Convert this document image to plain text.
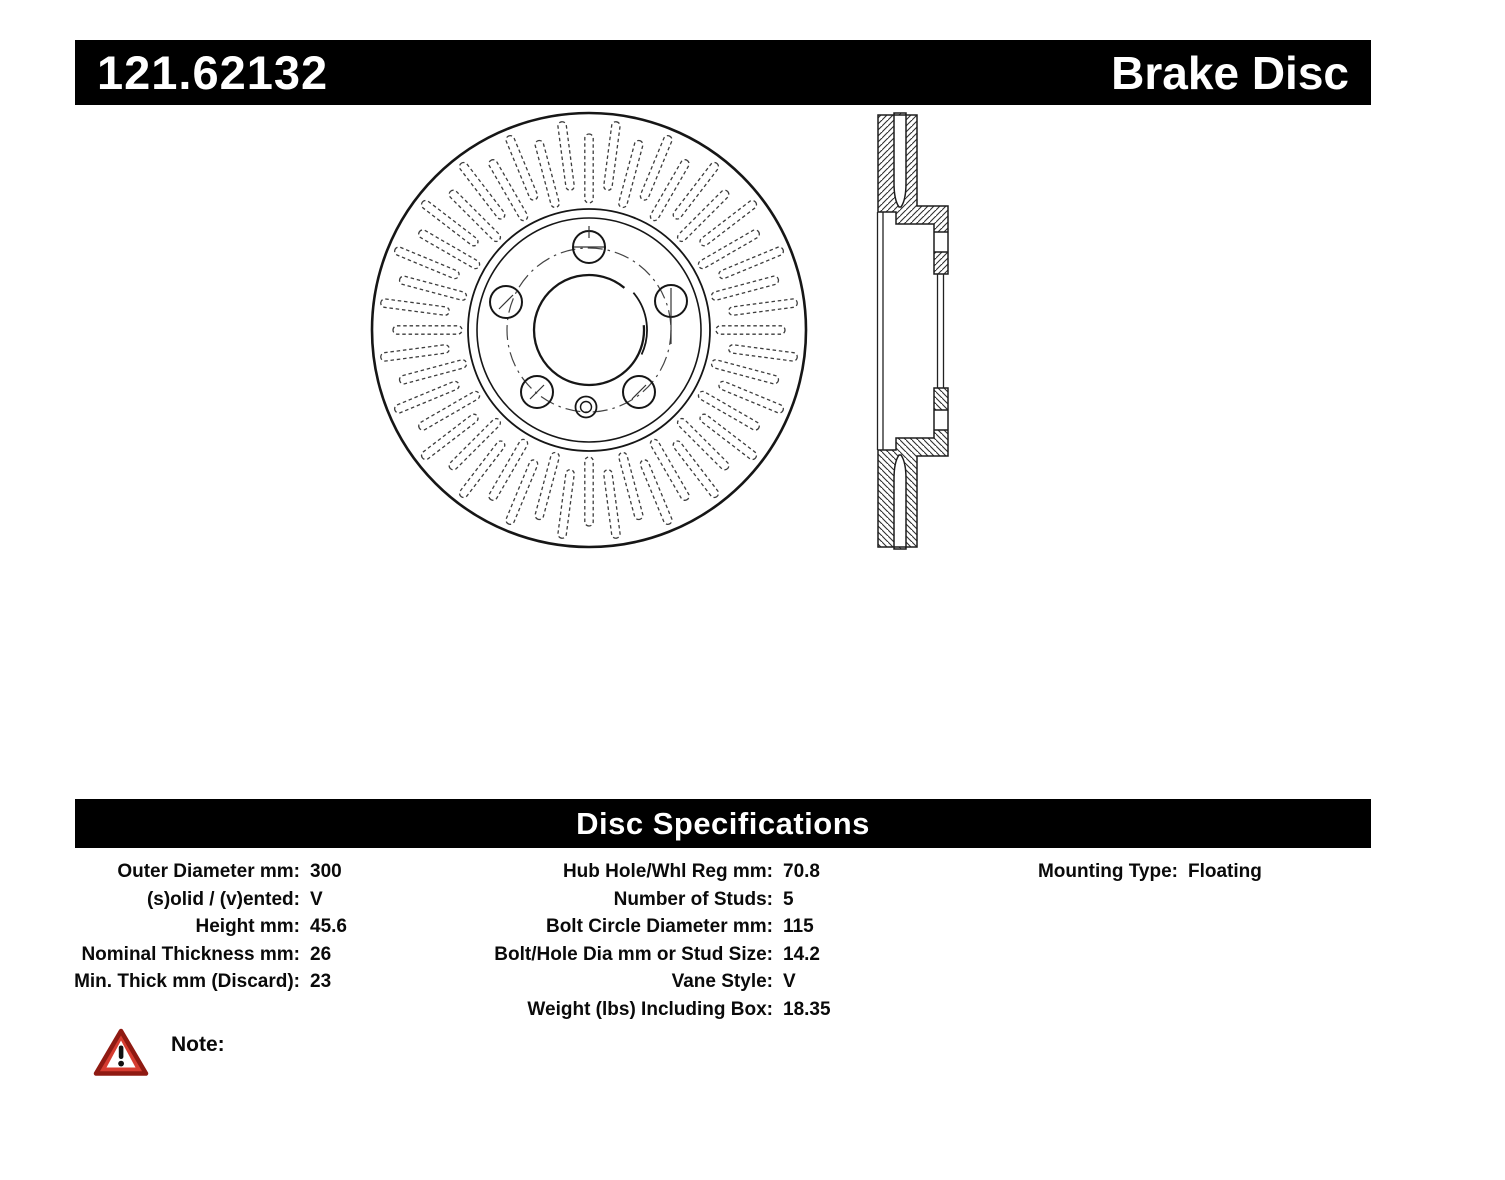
121.62132	Brake Disc
Disc Specifications
Outer Diameter mm: 300
(s)olid / (v)ented: V
Height mm: 45.6
Nominal Thickness mm: 26
Min. Thick mm (Discard): 23
Hub Hole/Whl Reg mm: 70.8
Number of Studs: 5
Bolt Circle Diameter mm: 115
Bolt/Hole Dia mm or Stud Size: 14.2
Vane Style: V
Weight (lbs) Including Box: 18.35
Mounting Type: Floating
Note:
